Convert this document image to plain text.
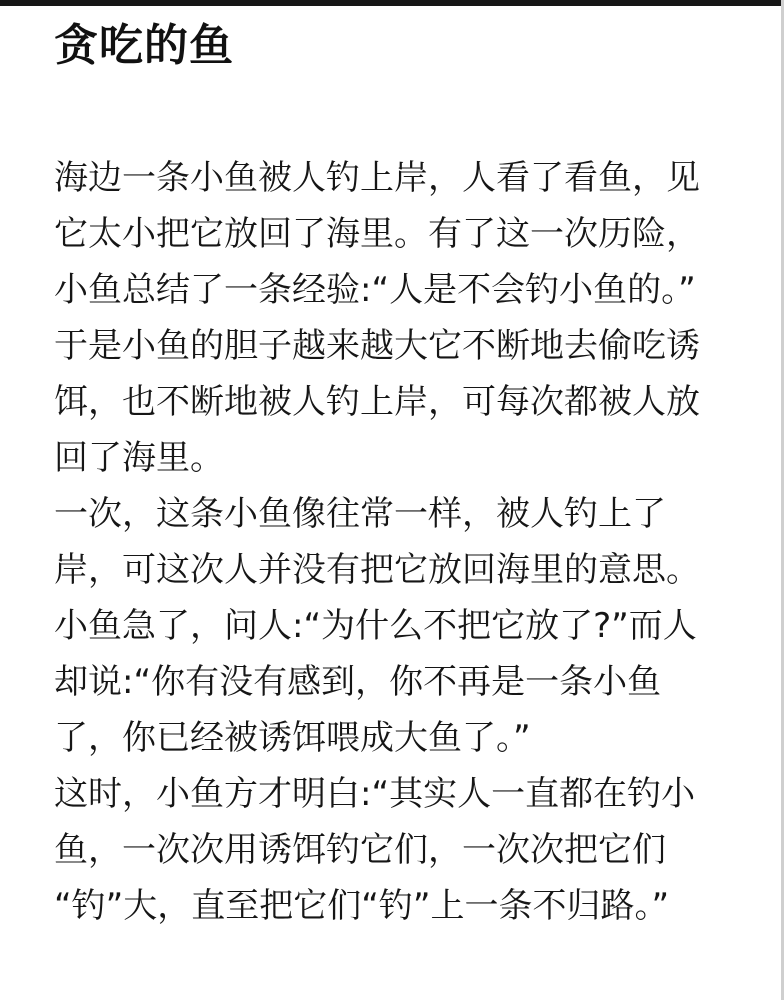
贪吃的鱼
海边一条小鱼被人钓上岸，人看了看鱼，见
它太小把它放回了海里。有了这一次历险，
小鱼总结了一条经验:“人是不会钓小鱼的。”
于是小鱼的胆子越来越大它不断地去偷吃诱
饵，也不断地被人钓上岸，可每次都被人放
回了海里。
一次，这条小鱼像往常一样，被人钓上了
岸，可这次人并没有把它放回海里的意思。
小鱼急了，问人:“为什么不把它放了?”而人
却说:“你有没有感到，你不再是一条小鱼
了，你已经被诱饵喂成大鱼了。”
这时，小鱼方才明白:“其实人一直都在钓小
鱼，一次次用诱饵钓它们，一次次把它们
“钓”大，直至把它们“钓”上一条不归路。”
